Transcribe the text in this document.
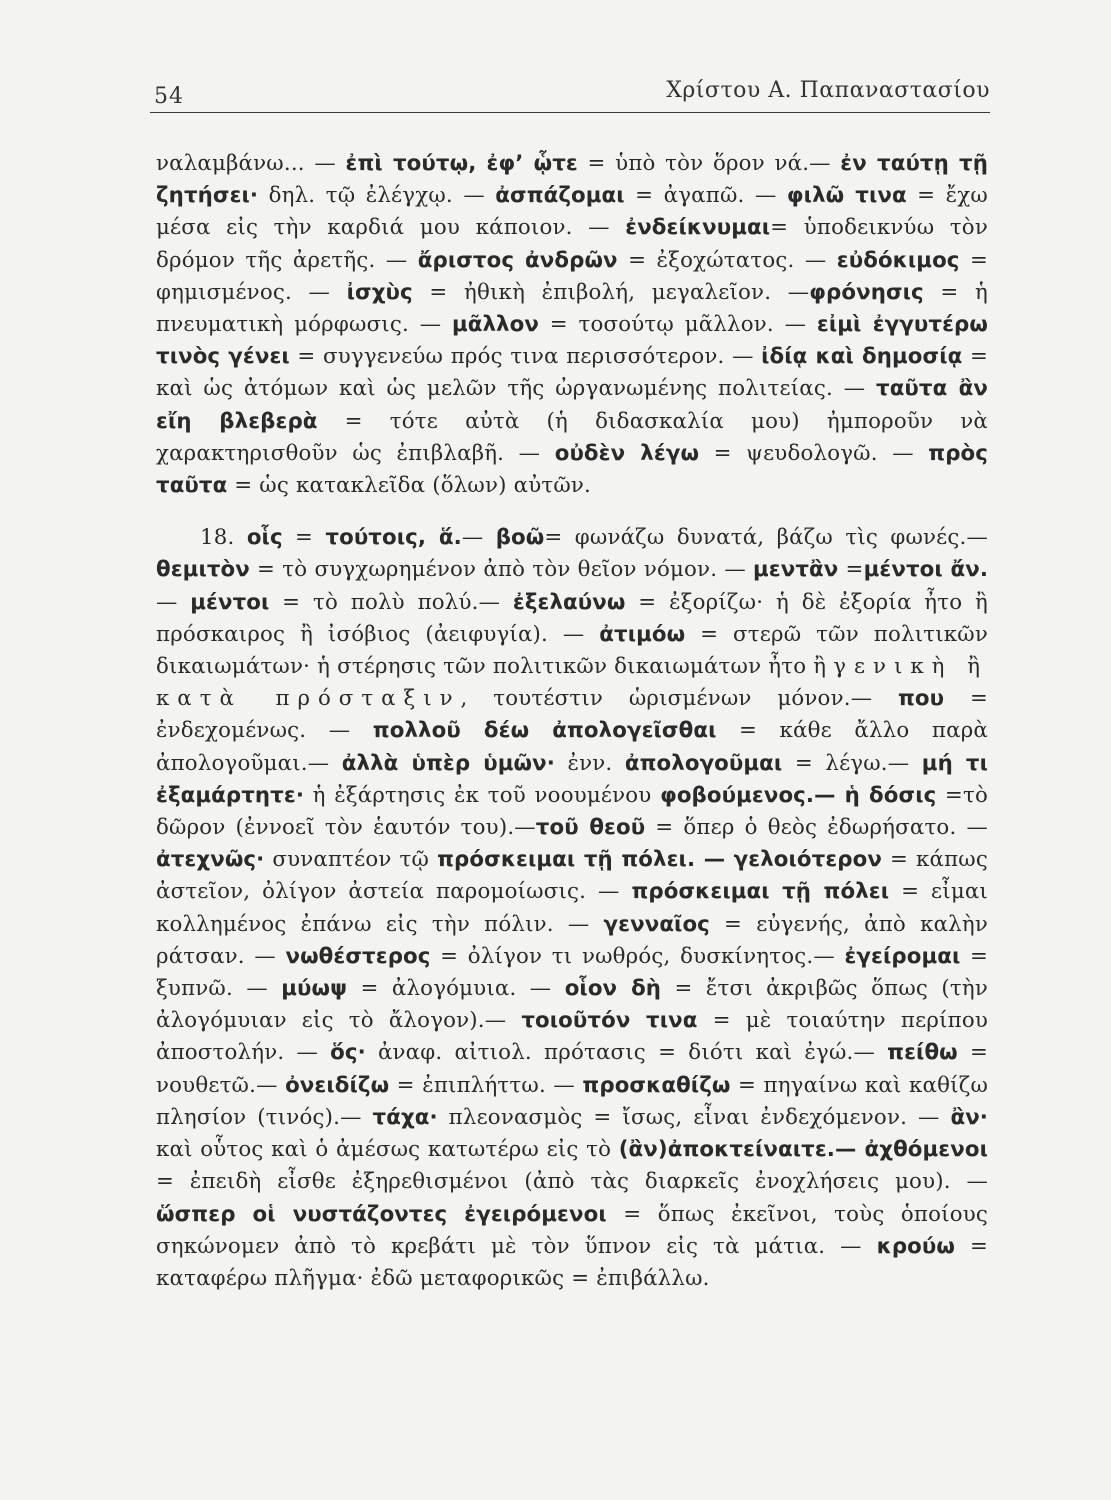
54	Χρίστου Α. Παπαναστασίου

ναλαμβάνω... — ἐπὶ τούτῳ, ἐφ’ ᾧτε = ὑπὸ τὸν ὅρον νά.— ἐν ταύτῃ τῇ ζητήσει· δηλ. τῷ ἐλέγχῳ. — ἀσπάζομαι = ἀγαπῶ. — φιλῶ τινα = ἔχω μέσα εἰς τὴν καρδιά μου κάποιον. — ἐνδείκνυμαι= ὑποδεικνύω τὸν δρόμον τῆς ἀρετῆς. — ἄριστος ἀνδρῶν = ἐξοχώτατος. — εὐδόκιμος = φημισμένος. — ἰσχὺς = ἠθικὴ ἐπιβολή, μεγαλεῖον. —φρόνησις = ἡ πνευματικὴ μόρφωσις. — μᾶλλον = τοσούτῳ μᾶλλον. — εἰμὶ ἐγγυτέρω τινὸς γένει = συγγενεύω πρός τινα περισσότερον. — ἰδίᾳ καὶ δημοσίᾳ = καὶ ὡς ἀτόμων καὶ ὡς μελῶν τῆς ὠργανωμένης πολιτείας. — ταῦτα ἂν εἴη βλεβερὰ = τότε αὐτὰ (ἡ διδασκαλία μου) ἠμποροῦν νὰ χαρακτηρισθοῦν ὡς ἐπιβλαβῆ. — οὐδὲν λέγω = ψευδολογῶ. — πρὸς ταῦτα = ὡς κατακλεῖδα (ὅλων) αὐτῶν.

18. οἷς = τούτοις, ἅ.— βοῶ= φωνάζω δυνατά, βάζω τὶς φωνές.— θεμιτὸν = τὸ συγχωρημένον ἀπὸ τὸν θεῖον νόμον. — μεντἂν =μέντοι ἄν.— μέντοι = τὸ πολὺ πολύ.— ἐξελαύνω = ἐξορίζω· ἡ δὲ ἐξορία ἦτο ἢ πρόσκαιρος ἢ ἰσόβιος (ἀειφυγία). — ἀτιμόω = στερῶ τῶν πολιτικῶν δικαιωμάτων· ἡ στέρησις τῶν πολιτικῶν δικαιωμάτων ἦτο ἢ γενικὴ ἢ κατὰ πρόσταξιν, τουτέστιν ὡρισμένων μόνον.— που = ἐνδεχομένως. — πολλοῦ δέω ἀπολογεῖσθαι = κάθε ἄλλο παρὰ ἀπολογοῦμαι.— ἀλλὰ ὑπὲρ ὑμῶν· ἐνν. ἀπολογοῦμαι = λέγω.— μή τι ἐξαμάρτητε· ἡ ἐξάρτησις ἐκ τοῦ νοουμένου φοβούμενος.— ἡ δόσις =τὸ δῶρον (ἐννοεῖ τὸν ἑαυτόν του).—τοῦ θεοῦ = ὅπερ ὁ θεὸς ἐδωρήσατο. — ἀτεχνῶς· συναπτέον τῷ πρόσκειμαι τῇ πόλει. — γελοιότερον = κάπως ἀστεῖον, ὀλίγον ἀστεία παρομοίωσις. — πρόσκειμαι τῇ πόλει = εἶμαι κολλημένος ἐπάνω εἰς τὴν πόλιν. — γενναῖος = εὐγενής, ἀπὸ καλὴν ράτσαν. — νωθέστερος = ὀλίγον τι νωθρός, δυσκίνητος.— ἐγείρομαι = ξυπνῶ. — μύωψ = ἀλογόμυια. — οἷον δὴ = ἔτσι ἀκριβῶς ὅπως (τὴν ἀλογόμυιαν εἰς τὸ ἄλογον).— τοιοῦτόν τινα = μὲ τοιαύτην περίπου ἀποστολήν. — ὅς· ἀναφ. αἰτιολ. πρότασις = διότι καὶ ἐγώ.— πείθω = νουθετῶ.— ὀνειδίζω = ἐπιπλήττω. — προσκαθίζω = πηγαίνω καὶ καθίζω πλησίον (τινός).— τάχα· πλεονασμὸς = ἴσως, εἶναι ἐνδεχόμενον. — ἂν· καὶ οὗτος καὶ ὁ ἀμέσως κατωτέρω εἰς τὸ (ἂν)ἀποκτείναιτε.— ἀχθόμενοι = ἐπειδὴ εἶσθε ἐξηρεθισμένοι (ἀπὸ τὰς διαρκεῖς ἐνοχλήσεις μου). — ὥσπερ οἱ νυστάζοντες ἐγειρόμενοι = ὅπως ἐκεῖνοι, τοὺς ὁποίους σηκώνομεν ἀπὸ τὸ κρεβάτι μὲ τὸν ὕπνον εἰς τὰ μάτια. — κρούω = καταφέρω πλῆγμα· ἐδῶ μεταφορικῶς = ἐπιβάλλω.
